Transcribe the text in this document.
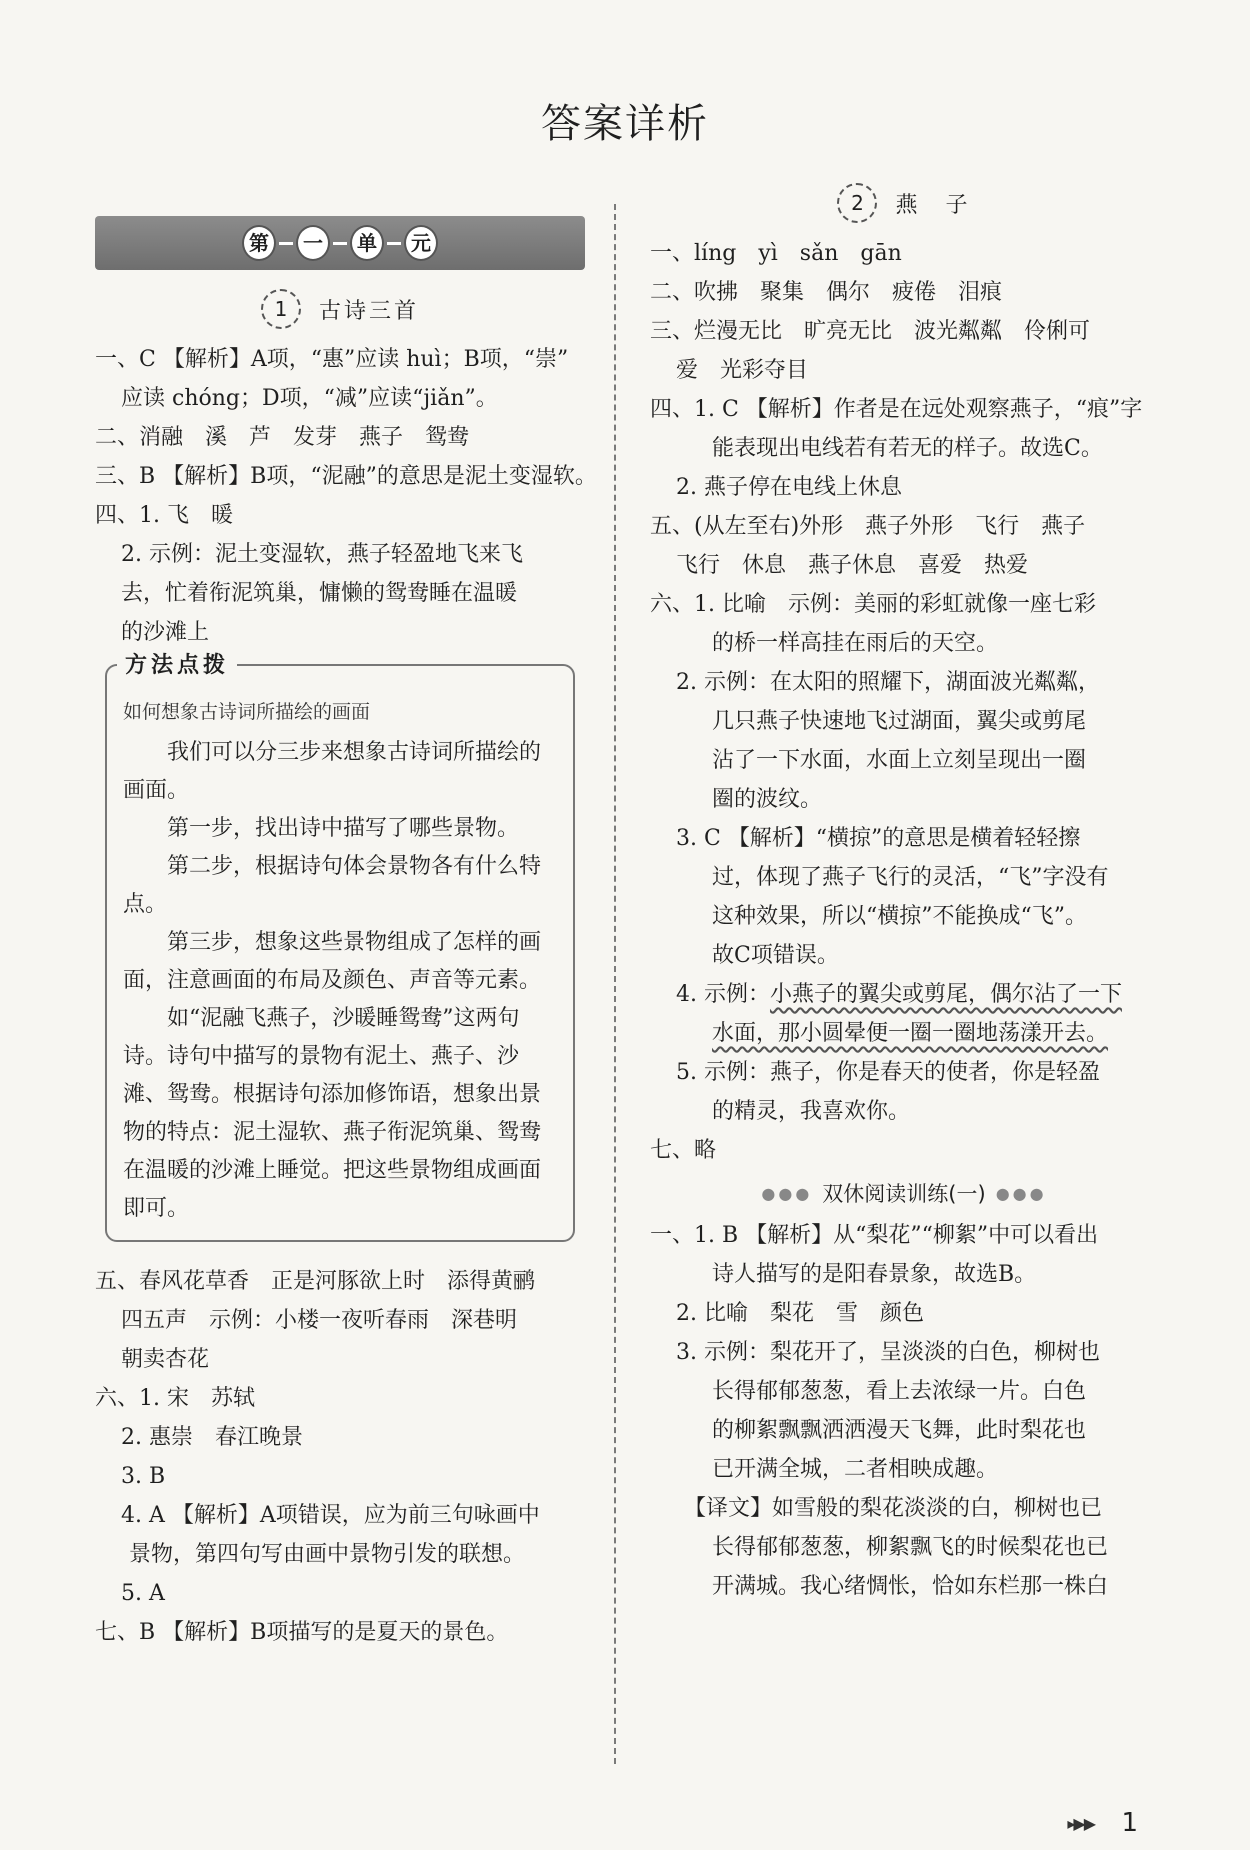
答案详析
第	一	单	元
1	古诗三首
一、C 【解析】A项，“惠”应读 huì；B项，“崇”
应读 chóng；D项，“减”应读“jiǎn”。
二、消融　溪　芦　发芽　燕子　鸳鸯
三、B 【解析】B项，“泥融”的意思是泥土变湿软。
四、1. 飞　暖
2. 示例：泥土变湿软，燕子轻盈地飞来飞
去，忙着衔泥筑巢，慵懒的鸳鸯睡在温暖
的沙滩上
方法点拨
如何想象古诗词所描绘的画面
我们可以分三步来想象古诗词所描绘的画面。
第一步，找出诗中描写了哪些景物。
第二步，根据诗句体会景物各有什么特点。
第三步，想象这些景物组成了怎样的画面，注意画面的布局及颜色、声音等元素。
如“泥融飞燕子，沙暖睡鸳鸯”这两句诗。诗句中描写的景物有泥土、燕子、沙滩、鸳鸯。根据诗句添加修饰语，想象出景物的特点：泥土湿软、燕子衔泥筑巢、鸳鸯在温暖的沙滩上睡觉。把这些景物组成画面即可。
五、春风花草香　正是河豚欲上时　添得黄鹂
四五声　示例：小楼一夜听春雨　深巷明
朝卖杏花
六、1. 宋　苏轼
2. 惠崇　春江晚景
3. B
4. A 【解析】A项错误，应为前三句咏画中
景物，第四句写由画中景物引发的联想。
5. A
七、B 【解析】B项描写的是夏天的景色。
2	燕　子
一、líng　yì　sǎn　gān
二、吹拂　聚集　偶尔　疲倦　泪痕
三、烂漫无比　旷亮无比　波光粼粼　伶俐可
爱　光彩夺目
四、1. C 【解析】作者是在远处观察燕子，“痕”字
能表现出电线若有若无的样子。故选C。
2. 燕子停在电线上休息
五、(从左至右)外形　燕子外形　飞行　燕子
飞行　休息　燕子休息　喜爱　热爱
六、1. 比喻　示例：美丽的彩虹就像一座七彩
的桥一样高挂在雨后的天空。
2. 示例：在太阳的照耀下，湖面波光粼粼，
几只燕子快速地飞过湖面，翼尖或剪尾
沾了一下水面，水面上立刻呈现出一圈
圈的波纹。
3. C 【解析】“横掠”的意思是横着轻轻擦
过，体现了燕子飞行的灵活，“飞”字没有
这种效果，所以“横掠”不能换成“飞”。
故C项错误。
4. 示例：小燕子的翼尖或剪尾，偶尔沾了一下
水面，那小圆晕便一圈一圈地荡漾开去。
5. 示例：燕子，你是春天的使者，你是轻盈
的精灵，我喜欢你。
七、略
●●● 双休阅读训练(一) ●●●
一、1. B 【解析】从“梨花”“柳絮”中可以看出
诗人描写的是阳春景象，故选B。
2. 比喻　梨花　雪　颜色
3. 示例：梨花开了，呈淡淡的白色，柳树也
长得郁郁葱葱，看上去浓绿一片。白色
的柳絮飘飘洒洒漫天飞舞，此时梨花也
已开满全城，二者相映成趣。
【译文】如雪般的梨花淡淡的白，柳树也已
长得郁郁葱葱，柳絮飘飞的时候梨花也已
开满城。我心绪惆怅，恰如东栏那一株白
▸▶▶ 1
